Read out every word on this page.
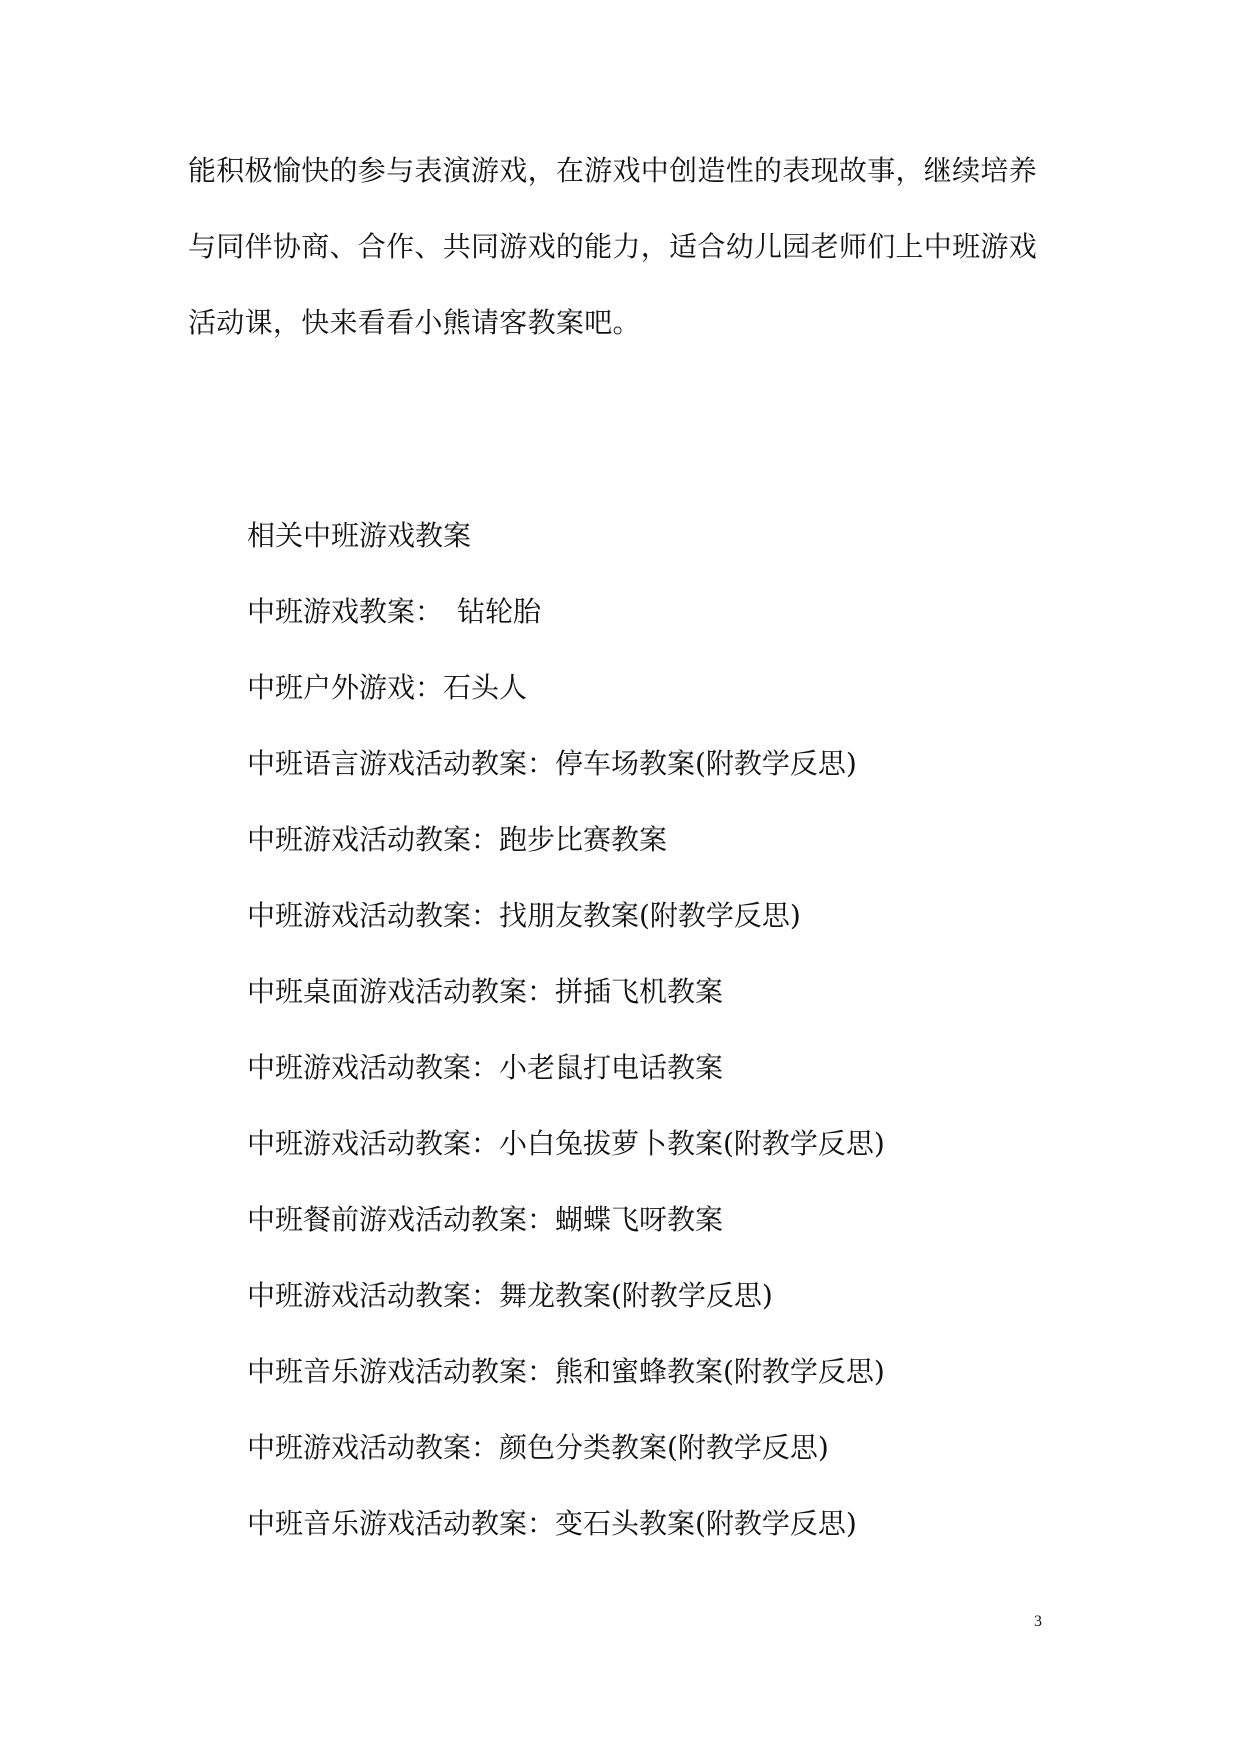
能积极愉快的参与表演游戏，在游戏中创造性的表现故事，继续培养
与同伴协商、合作、共同游戏的能力，适合幼儿园老师们上中班游戏
活动课，快来看看小熊请客教案吧。
相关中班游戏教案
中班游戏教案：　钻轮胎
中班户外游戏：石头人
中班语言游戏活动教案：停车场教案(附教学反思)
中班游戏活动教案：跑步比赛教案
中班游戏活动教案：找朋友教案(附教学反思)
中班桌面游戏活动教案：拼插飞机教案
中班游戏活动教案：小老鼠打电话教案
中班游戏活动教案：小白兔拔萝卜教案(附教学反思)
中班餐前游戏活动教案：蝴蝶飞呀教案
中班游戏活动教案：舞龙教案(附教学反思)
中班音乐游戏活动教案：熊和蜜蜂教案(附教学反思)
中班游戏活动教案：颜色分类教案(附教学反思)
中班音乐游戏活动教案：变石头教案(附教学反思)
3
